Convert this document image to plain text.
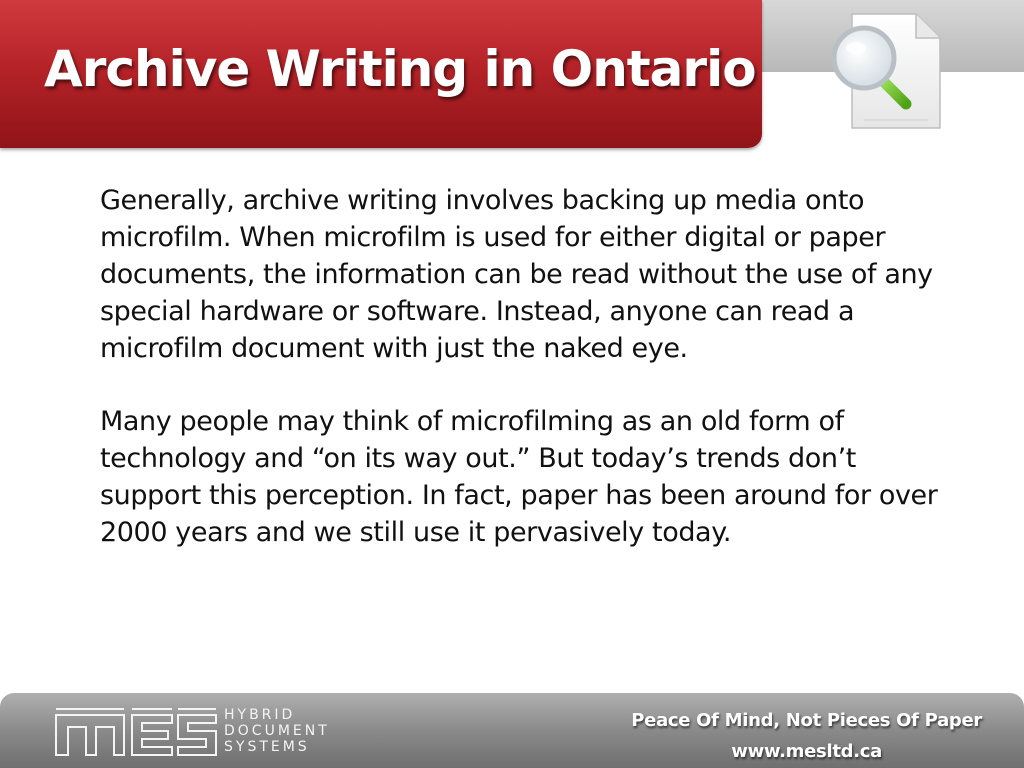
Archive Writing in Ontario

Generally, archive writing involves backing up media onto microfilm. When microfilm is used for either digital or paper documents, the information can be read without the use of any special hardware or software. Instead, anyone can read a microfilm document with just the naked eye.

Many people may think of microfilming as an old form of technology and “on its way out.” But today’s trends don’t support this perception. In fact, paper has been around for over 2000 years and we still use it pervasively today.

HYBRID
DOCUMENT
SYSTEMS
Peace Of Mind, Not Pieces Of Paper
www.mesltd.ca
